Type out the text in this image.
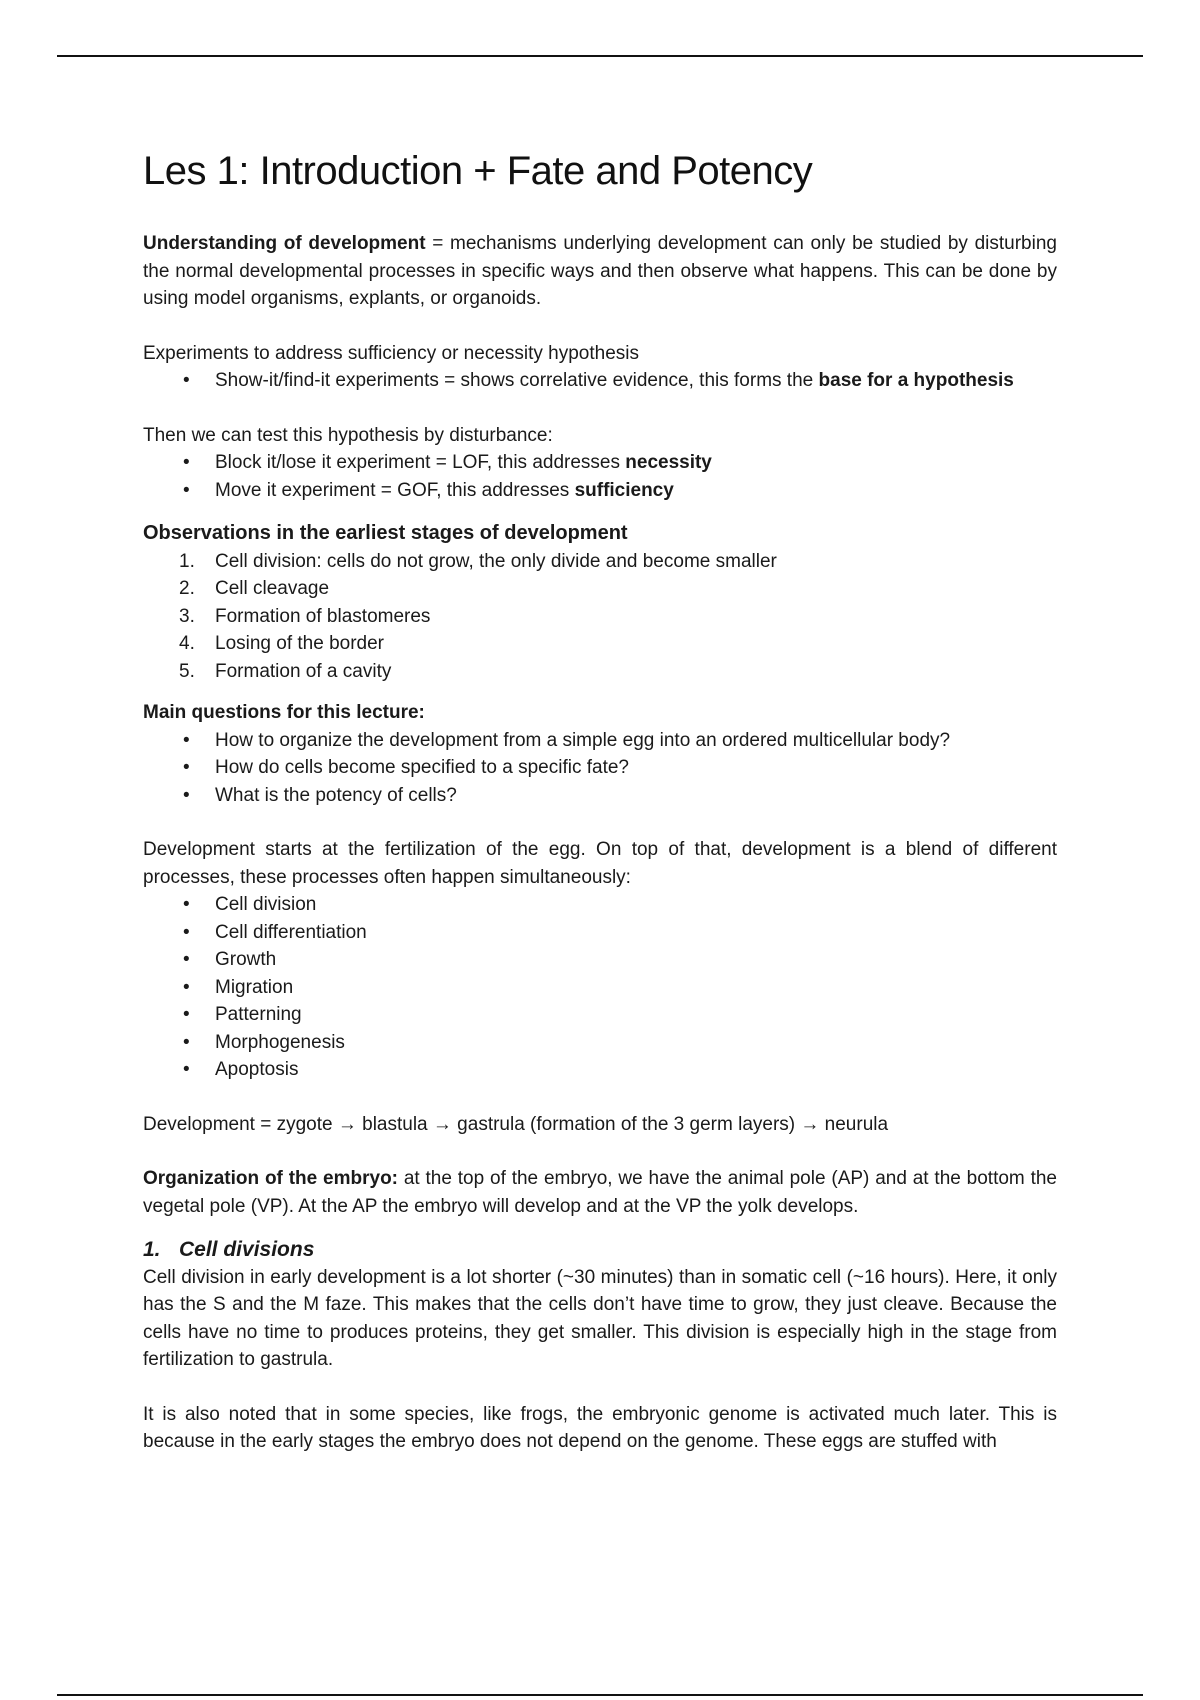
Les 1: Introduction + Fate and Potency

Understanding of development = mechanisms underlying development can only be studied by disturbing the normal developmental processes in specific ways and then observe what happens. This can be done by using model organisms, explants, or organoids.

Experiments to address sufficiency or necessity hypothesis

• Show-it/find-it experiments = shows correlative evidence, this forms the base for a hypothesis

Then we can test this hypothesis by disturbance:

• Block it/lose it experiment = LOF, this addresses necessity
• Move it experiment = GOF, this addresses sufficiency

Observations in the earliest stages of development

1. Cell division: cells do not grow, the only divide and become smaller
2. Cell cleavage
3. Formation of blastomeres
4. Losing of the border
5. Formation of a cavity

Main questions for this lecture:

• How to organize the development from a simple egg into an ordered multicellular body?
• How do cells become specified to a specific fate?
• What is the potency of cells?

Development starts at the fertilization of the egg. On top of that, development is a blend of different processes, these processes often happen simultaneously:

• Cell division
• Cell differentiation
• Growth
• Migration
• Patterning
• Morphogenesis
• Apoptosis

Development = zygote → blastula → gastrula (formation of the 3 germ layers) → neurula

Organization of the embryo: at the top of the embryo, we have the animal pole (AP) and at the bottom the vegetal pole (VP). At the AP the embryo will develop and at the VP the yolk develops.

1. Cell divisions

Cell division in early development is a lot shorter (~30 minutes) than in somatic cell (~16 hours). Here, it only has the S and the M faze. This makes that the cells don’t have time to grow, they just cleave. Because the cells have no time to produces proteins, they get smaller. This division is especially high in the stage from fertilization to gastrula.

It is also noted that in some species, like frogs, the embryonic genome is activated much later. This is because in the early stages the embryo does not depend on the genome. These eggs are stuffed with
